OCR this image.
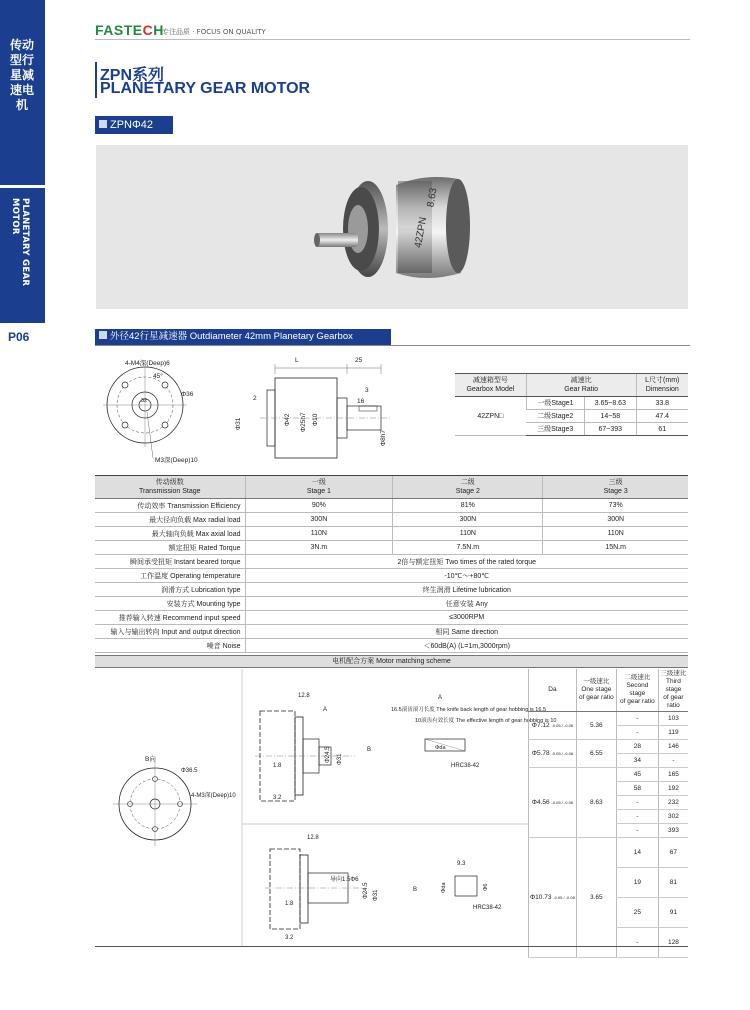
传动型行星减速电机
PLANETARY GEAR MOTOR
P06
FASTECH
专注品质 · FOCUS ON QUALITY
ZPN系列
PLANETARY GEAR MOTOR
ZPNΦ42
42ZPN
8.63
外径42行星减速器 Outdiameter 42mm Planetary Gearbox
4-M4深(Deep)6
45°
Φ36
32
M3深(Deep)10
L	25
3
16
2
Φ31	Φ42 Φ25h7 Φ10
Φ8h7
减速箱型号
Gearbox Model	减速比
Gear Ratio		L尺寸(mm)
Dimension
42ZPN□	一级Stage1	3.65~8.63	33.8
	二级Stage2	14~58	47.4
	三级Stage3	67~393	61
传动级数
Transmission Stage	一级
Stage 1	二级
Stage 2	三级
Stage 3
传动效率 Transmission Efficiency	90%	81%	73%
最大径向负载 Max radial load	300N	300N	300N
最大轴向负载 Max axial load	110N	110N	110N
额定扭矩 Rated Torque	3N.m	7.5N.m	15N.m
瞬间承受扭矩 Instant beared torque	2倍与额定扭矩 Two times of the rated torque		
工作温度 Operating temperature	-10℃～+80℃		
润滑方式 Lubrication type	终生润滑 Lifetime lubrication		
安装方式 Mounting type	任意安装 Any		
推荐输入转速 Recommend input speed	≤3000RPM		
输入与输出转向 Input and output direction	相同 Same direction		
噪音 Noise	＜60dB(A) (L=1m,3000rpm)		
电机配合方案 Motor matching scheme
B向
Φ36.5
4-M3深(Deep)10
12.8
A
1.8
3.2
Φ24.5 Φ31
B
A
16.5滚齿滚刀长度 The knife back length of gear hobbing is 16.5
10滚齿有效长度 The effective length of gear hobbing is 10
Φda
HRC38-42
12.8
导向1.5Φ6
1.8
3.2
Φ24.5 Φ31	B
9.3
Φda	Φ6
HRC38-42
Da	一级速比
One stage
of gear ratio	二级速比
Second stage
of gear ratio	三级速比
Third stage
of gear ratio
Φ7.12 -0.05 / -0.08	5.36	-	103
		-	119
Φ5.78 -0.05 / -0.08	6.55	28	146
		34	-
Φ4.56 -0.05 / -0.08	8.63	45	165
		58	192
		-	232
		-	302
		-	393
Φ10.73 -0.05 / -0.08	3.65	14	67
		19	81
		25	91
		-	128
